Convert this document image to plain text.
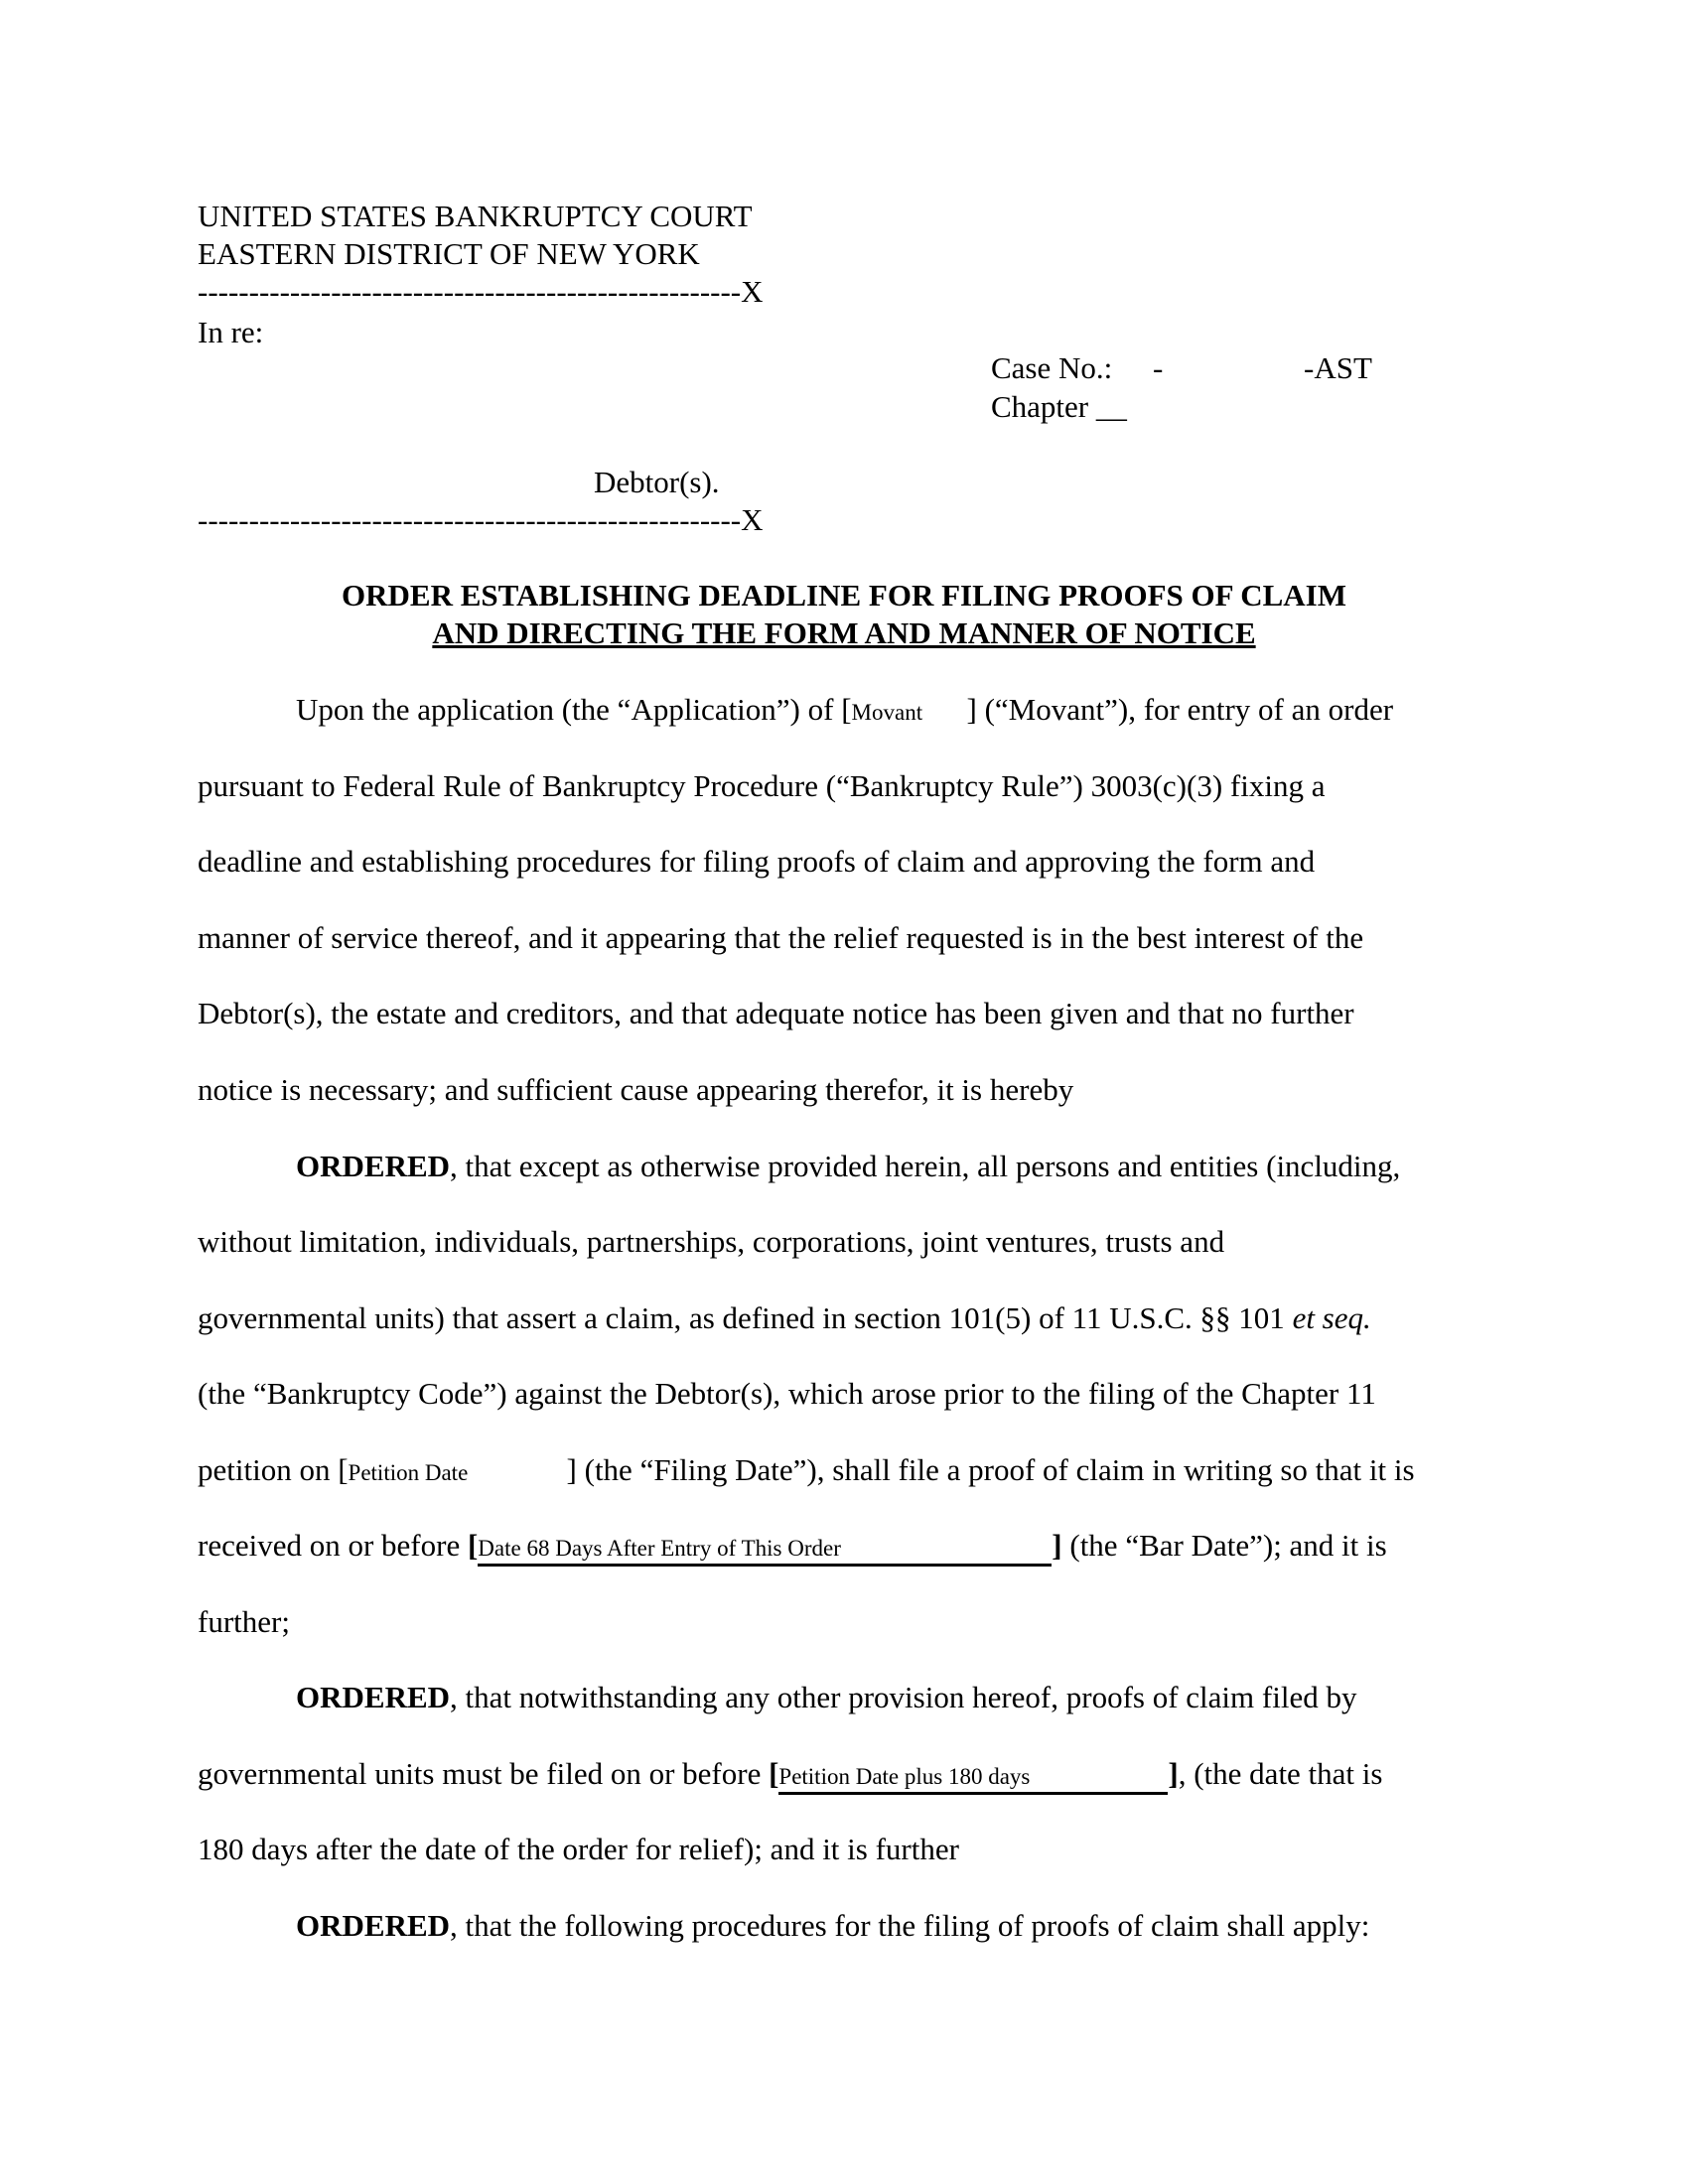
UNITED STATES BANKRUPTCY COURT
EASTERN DISTRICT OF NEW YORK
-----------------------------------------------------X
In re:
Case No.: -	-AST
Chapter __
Debtor(s).
-----------------------------------------------------X
ORDER ESTABLISHING DEADLINE FOR FILING PROOFS OF CLAIM
AND DIRECTING THE FORM AND MANNER OF NOTICE
Upon the application (the “Application”) of [Movant ] (“Movant”), for entry of an order
pursuant to Federal Rule of Bankruptcy Procedure (“Bankruptcy Rule”) 3003(c)(3) fixing a
deadline and establishing procedures for filing proofs of claim and approving the form and
manner of service thereof, and it appearing that the relief requested is in the best interest of the
Debtor(s), the estate and creditors, and that adequate notice has been given and that no further
notice is necessary; and sufficient cause appearing therefor, it is hereby
ORDERED, that except as otherwise provided herein, all persons and entities (including,
without limitation, individuals, partnerships, corporations, joint ventures, trusts and
governmental units) that assert a claim, as defined in section 101(5) of 11 U.S.C. §§ 101 et seq.
(the “Bankruptcy Code”) against the Debtor(s), which arose prior to the filing of the Chapter 11
petition on [Petition Date	] (the “Filing Date”), shall file a proof of claim in writing so that it is
received on or before [Date 68 Days After Entry of This Order	] (the “Bar Date”); and it is
further;
ORDERED, that notwithstanding any other provision hereof, proofs of claim filed by
governmental units must be filed on or before [Petition Date plus 180 days	], (the date that is
180 days after the date of the order for relief); and it is further
ORDERED, that the following procedures for the filing of proofs of claim shall apply:
